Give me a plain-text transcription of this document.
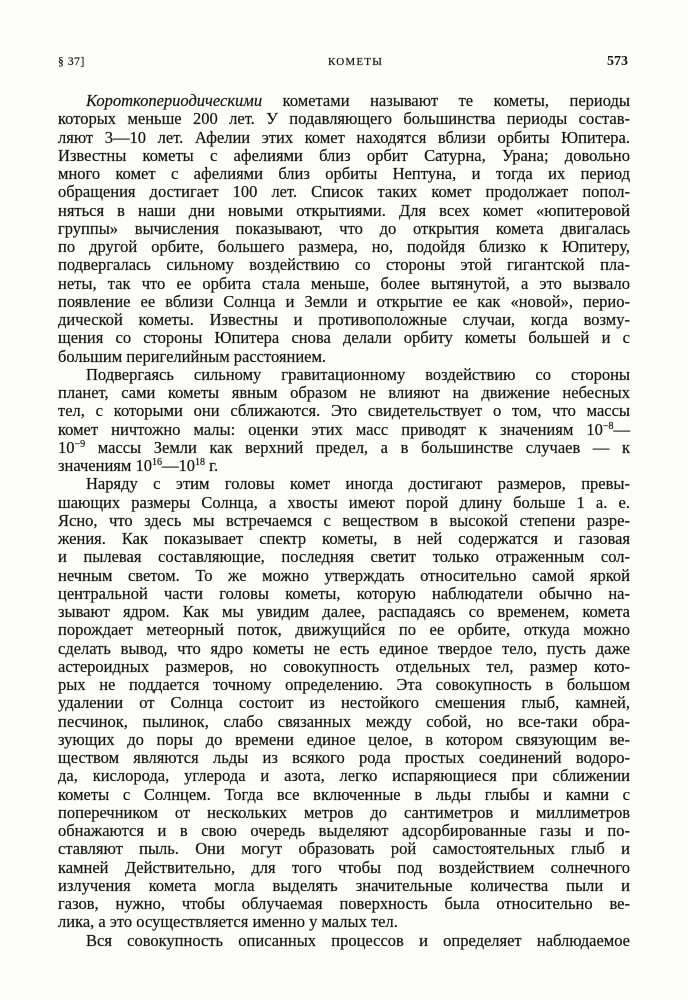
§ 37]	КОМЕТЫ	573
Короткопериодическими кометами называют те кометы, периоды
которых меньше 200 лет. У подавляющего большинства периоды состав-
ляют 3—10 лет. Афелии этих комет находятся вблизи орбиты Юпитера.
Известны кометы с афелиями близ орбит Сатурна, Урана; довольно
много комет с афелиями близ орбиты Нептуна, и тогда их период
обращения достигает 100 лет. Список таких комет продолжает попол-
няться в наши дни новыми открытиями. Для всех комет «юпитеровой
группы» вычисления показывают, что до открытия комета двигалась
по другой орбите, большего размера, но, подойдя близко к Юпитеру,
подвергалась сильному воздействию со стороны этой гигантской пла-
неты, так что ее орбита стала меньше, более вытянутой, а это вызвало
появление ее вблизи Солнца и Земли и открытие ее как «новой», перио-
дической кометы. Известны и противоположные случаи, когда возму-
щения со стороны Юпитера снова делали орбиту кометы большей и с
большим перигелийным расстоянием.
Подвергаясь сильному гравитационному воздействию со стороны
планет, сами кометы явным образом не влияют на движение небесных
тел, с которыми они сближаются. Это свидетельствует о том, что массы
комет ничтожно малы: оценки этих масс приводят к значениям $10^{-8}—$
$10^{-9}$ массы Земли как верхний предел, а в большинстве случаев — к
значениям $10^{16}—10^{18}$ г.
Наряду с этим головы комет иногда достигают размеров, превы-
шающих размеры Солнца, а хвосты имеют порой длину больше 1 а. е.
Ясно, что здесь мы встречаемся с веществом в высокой степени разре-
жения. Как показывает спектр кометы, в ней содержатся и газовая
и пылевая составляющие, последняя светит только отраженным сол-
нечным светом. То же можно утверждать относительно самой яркой
центральной части головы кометы, которую наблюдатели обычно на-
зывают ядром. Как мы увидим далее, распадаясь со временем, комета
порождает метеорный поток, движущийся по ее орбите, откуда можно
сделать вывод, что ядро кометы не есть единое твердое тело, пусть даже
астероидных размеров, но совокупность отдельных тел, размер кото-
рых не поддается точному определению. Эта совокупность в большом
удалении от Солнца состоит из нестойкого смешения глыб, камней,
песчинок, пылинок, слабо связанных между собой, но все-таки обра-
зующих до поры до времени единое целое, в котором связующим ве-
ществом являются льды из всякого рода простых соединений водоро-
да, кислорода, углерода и азота, легко испаряющиеся при сближении
кометы с Солнцем. Тогда все включенные в льды глыбы и камни с
поперечником от нескольких метров до сантиметров и миллиметров
обнажаются и в свою очередь выделяют адсорбированные газы и по-
ставляют пыль. Они могут образовать рой самостоятельных глыб и
камней Действительно, для того чтобы под воздействием солнечного
излучения комета могла выделять значительные количества пыли и
газов, нужно, чтобы облучаемая поверхность была относительно ве-
лика, а это осуществляется именно у малых тел.
Вся совокупность описанных процессов и определяет наблюдаемое
